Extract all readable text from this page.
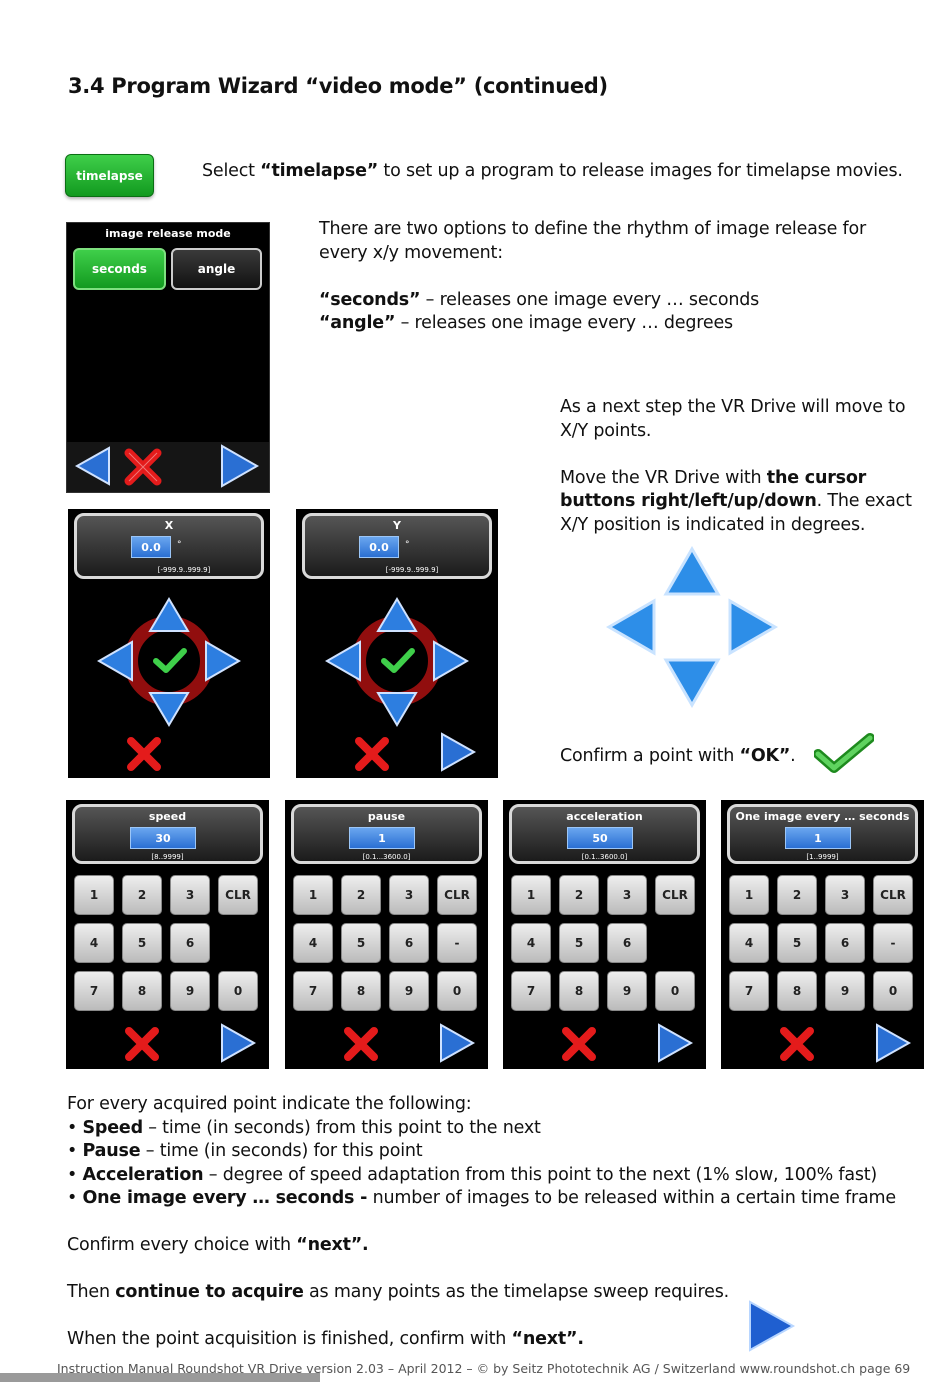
3.4 Program Wizard “video mode” (continued)
timelapse	Select “timelapse” to set up a program to release images for timelapse movies.
image release mode
seconds	angle
There are two options to define the rhythm of image release for
every x/y movement:
“seconds” – releases one image every … seconds
“angle” – releases one image every … degrees
As a next step the VR Drive will move to
X/Y points.
Move the VR Drive with the cursor
buttons right/left/up/down. The exact
X/Y position is indicated in degrees.
Confirm a point with “OK”.
X
0.0	°
[-999.9..999.9]
Y
0.0	°
[-999.9..999.9]
speed
30
[8..9999]
1	2	3	CLR
4	5	6
7	8	9	0
pause
1
[0.1...3600.0]
1	2	3	CLR
4	5	6	-
7	8	9	0
acceleration
50
[0.1..3600.0]
1	2	3	CLR
4	5	6
7	8	9	0
One image every … seconds
1
[1..9999]
1	2	3	CLR
4	5	6	-
7	8	9	0
For every acquired point indicate the following:
• Speed – time (in seconds) from this point to the next
• Pause – time (in seconds) for this point
• Acceleration – degree of speed adaptation from this point to the next (1% slow, 100% fast)
• One image every … seconds - number of images to be released within a certain time frame
Confirm every choice with “next”.
Then continue to acquire as many points as the timelapse sweep requires.
When the point acquisition is finished, confirm with “next”.
Instruction Manual Roundshot VR Drive version 2.03 – April 2012 – © by Seitz Phototechnik AG / Switzerland www.roundshot.ch page 69
